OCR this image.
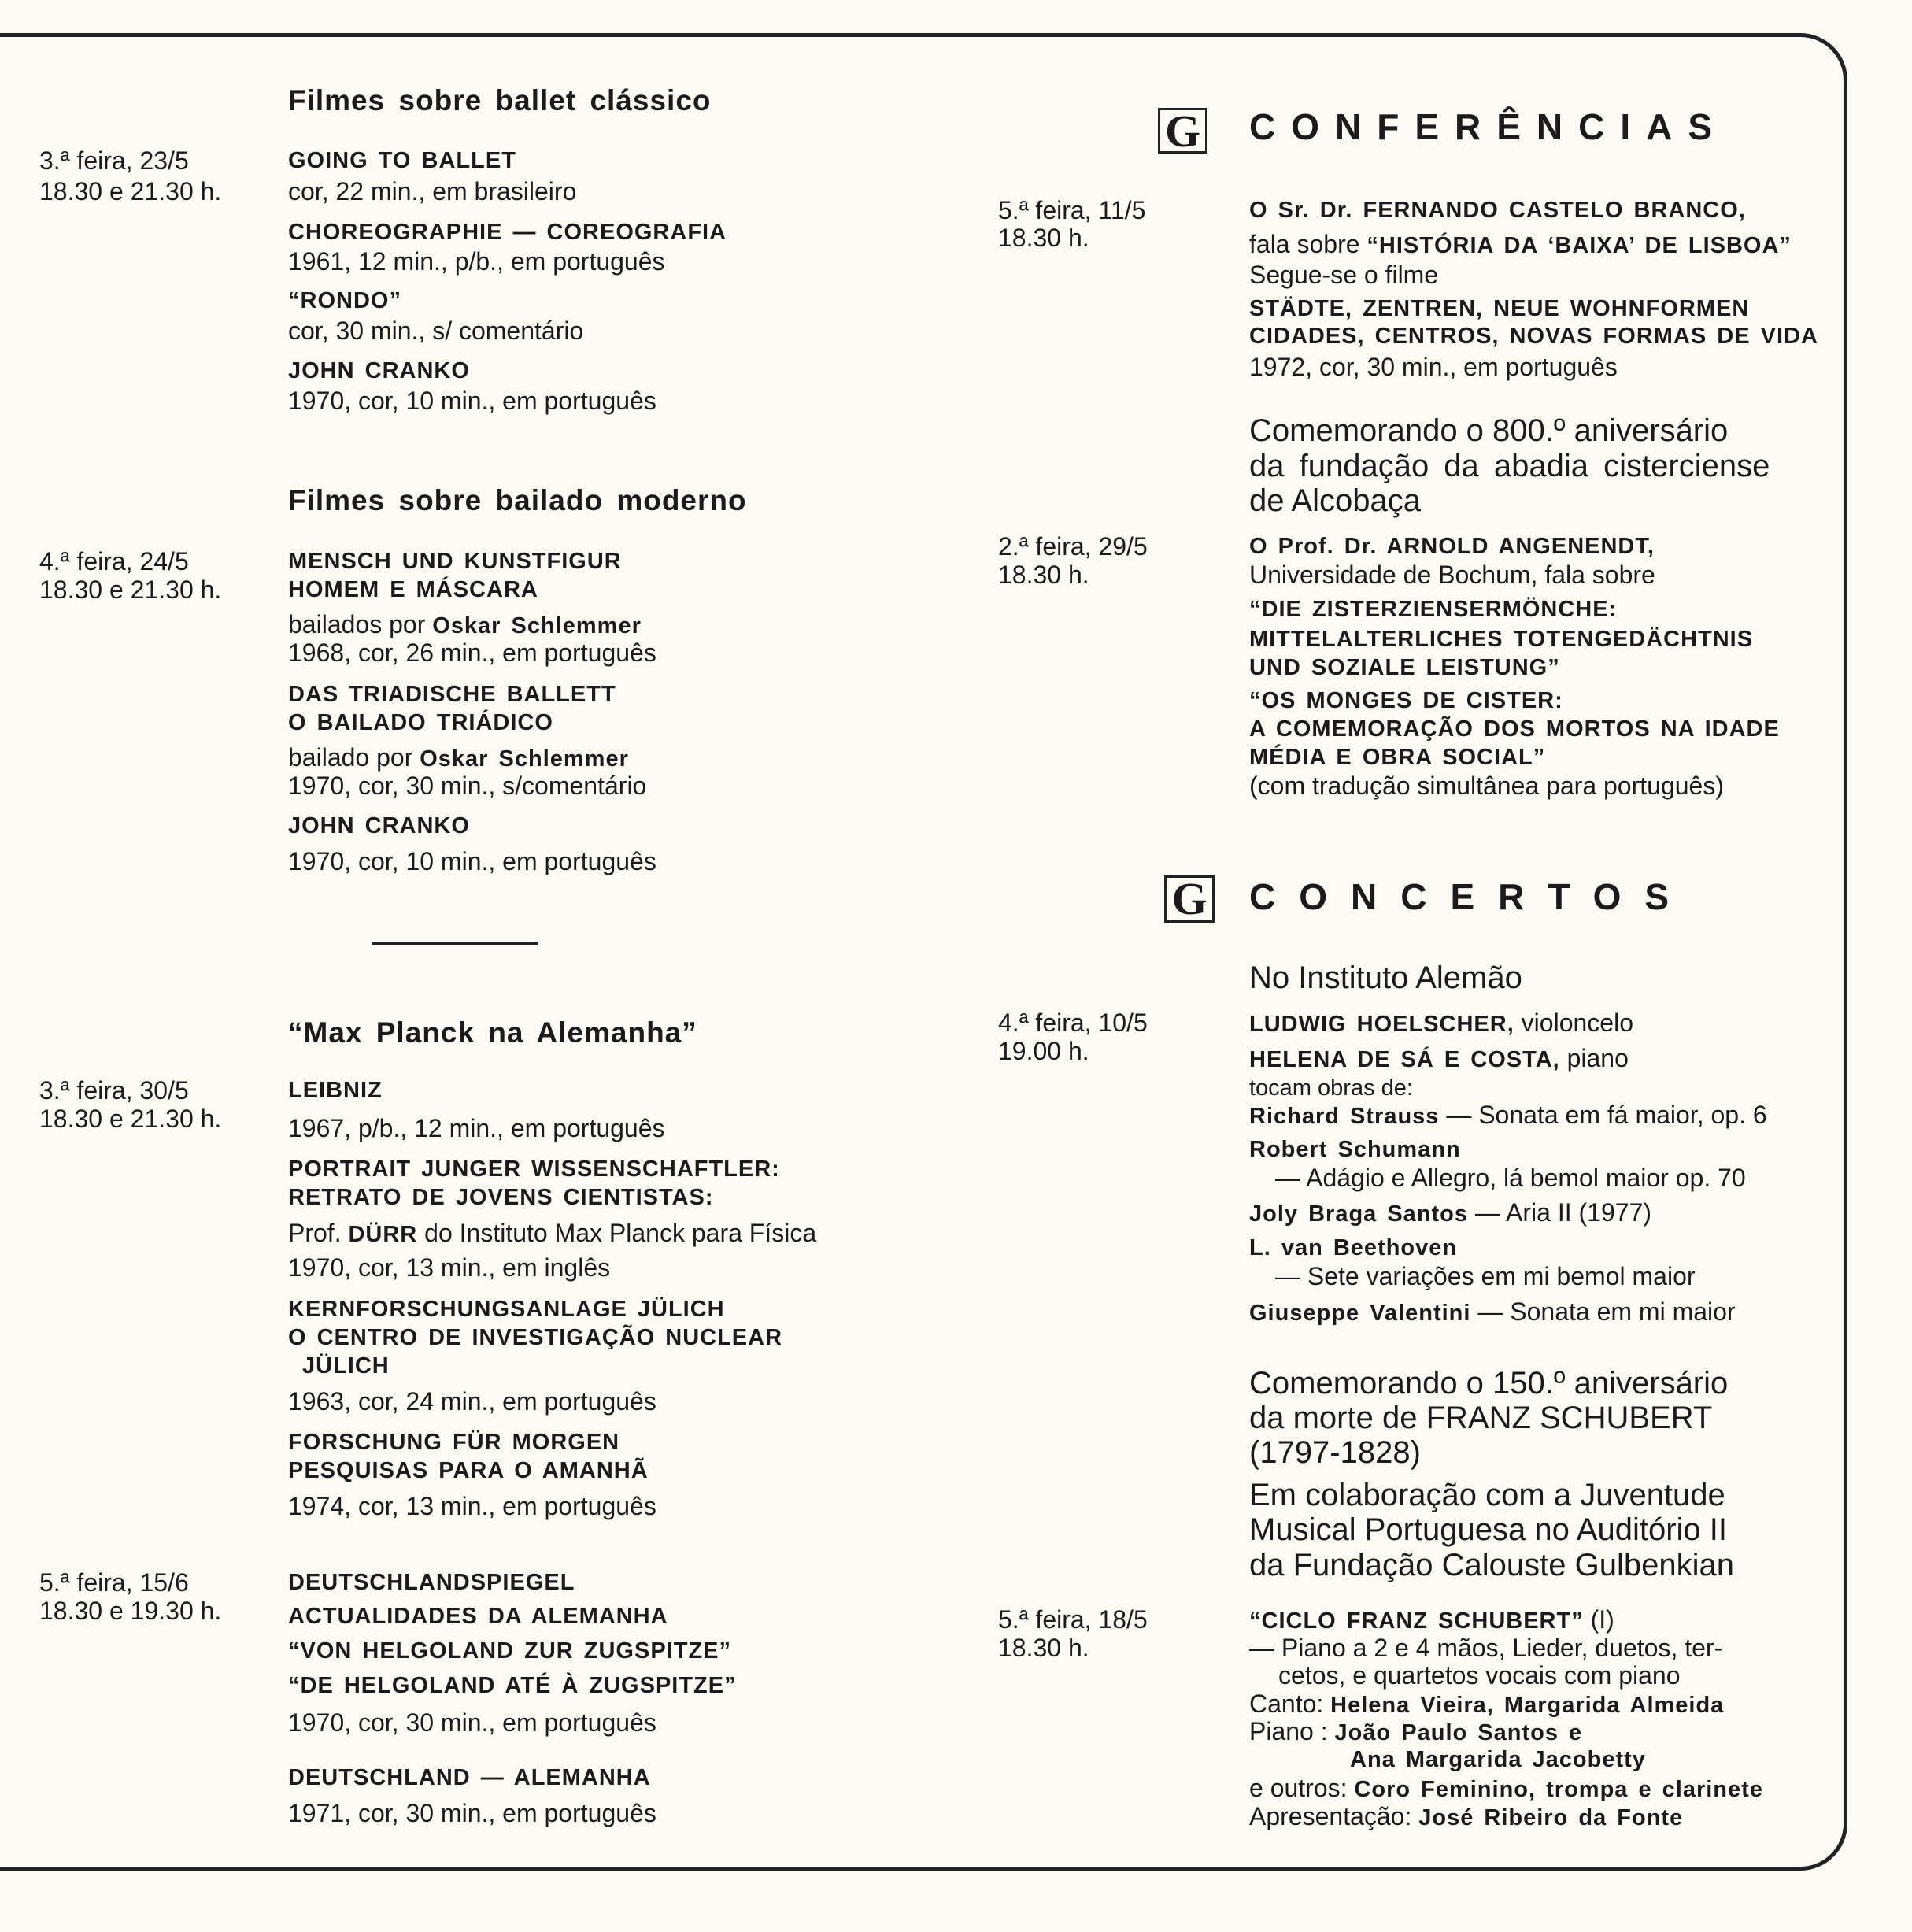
Filmes sobre ballet clássico
3.ª feira, 23/5
18.30 e 21.30 h.
GOING TO BALLET
cor, 22 min., em brasileiro
CHOREOGRAPHIE — COREOGRAFIA
1961, 12 min., p/b., em português
“RONDO”
cor, 30 min., s/ comentário
JOHN CRANKO
1970, cor, 10 min., em português
Filmes sobre bailado moderno
4.ª feira, 24/5
18.30 e 21.30 h.
MENSCH UND KUNSTFIGUR
HOMEM E MÁSCARA
bailados por Oskar Schlemmer
1968, cor, 26 min., em português
DAS TRIADISCHE BALLETT
O BAILADO TRIÁDICO
bailado por Oskar Schlemmer
1970, cor, 30 min., s/comentário
JOHN CRANKO
1970, cor, 10 min., em português
“Max Planck na Alemanha”
3.ª feira, 30/5
18.30 e 21.30 h.
LEIBNIZ
1967, p/b., 12 min., em português
PORTRAIT JUNGER WISSENSCHAFTLER:
RETRATO DE JOVENS CIENTISTAS:
Prof. DÜRR do Instituto Max Planck para Física
1970, cor, 13 min., em inglês
KERNFORSCHUNGSANLAGE JÜLICH
O CENTRO DE INVESTIGAÇÃO NUCLEAR
JÜLICH
1963, cor, 24 min., em português
FORSCHUNG FÜR MORGEN
PESQUISAS PARA O AMANHÃ
1974, cor, 13 min., em português
5.ª feira, 15/6
18.30 e 19.30 h.
DEUTSCHLANDSPIEGEL
ACTUALIDADES DA ALEMANHA
“VON HELGOLAND ZUR ZUGSPITZE”
“DE HELGOLAND ATÉ À ZUGSPITZE”
1970, cor, 30 min., em português
DEUTSCHLAND — ALEMANHA
1971, cor, 30 min., em português
G CONFERÊNCIAS
5.ª feira, 11/5
18.30 h.
O Sr. Dr. FERNANDO CASTELO BRANCO,
fala sobre “HISTÓRIA DA ‘BAIXA’ DE LISBOA”
Segue-se o filme
STÄDTE, ZENTREN, NEUE WOHNFORMEN
CIDADES, CENTROS, NOVAS FORMAS DE VIDA
1972, cor, 30 min., em português
Comemorando o 800.º aniversário
da fundação da abadia cisterciense
de Alcobaça
2.ª feira, 29/5
18.30 h.
O Prof. Dr. ARNOLD ANGENENDT,
Universidade de Bochum, fala sobre
“DIE ZISTERZIENSERMÖNCHE:
MITTELALTERLICHES TOTENGEDÄCHTNIS
UND SOZIALE LEISTUNG”
“OS MONGES DE CISTER:
A COMEMORAÇÃO DOS MORTOS NA IDADE
MÉDIA E OBRA SOCIAL”
(com tradução simultânea para português)
G CONCERTOS
No Instituto Alemão
4.ª feira, 10/5
19.00 h.
LUDWIG HOELSCHER, violoncelo
HELENA DE SÁ E COSTA, piano
tocam obras de:
Richard Strauss — Sonata em fá maior, op. 6
Robert Schumann
— Adágio e Allegro, lá bemol maior op. 70
Joly Braga Santos — Aria II (1977)
L. van Beethoven
— Sete variações em mi bemol maior
Giuseppe Valentini — Sonata em mi maior
Comemorando o 150.º aniversário
da morte de FRANZ SCHUBERT
(1797-1828)
Em colaboração com a Juventude
Musical Portuguesa no Auditório II
da Fundação Calouste Gulbenkian
5.ª feira, 18/5
18.30 h.
“CICLO FRANZ SCHUBERT” (I)
— Piano a 2 e 4 mãos, Lieder, duetos, ter-
cetos, e quartetos vocais com piano
Canto: Helena Vieira, Margarida Almeida
Piano : João Paulo Santos e
Ana Margarida Jacobetty
e outros: Coro Feminino, trompa e clarinete
Apresentação: José Ribeiro da Fonte
